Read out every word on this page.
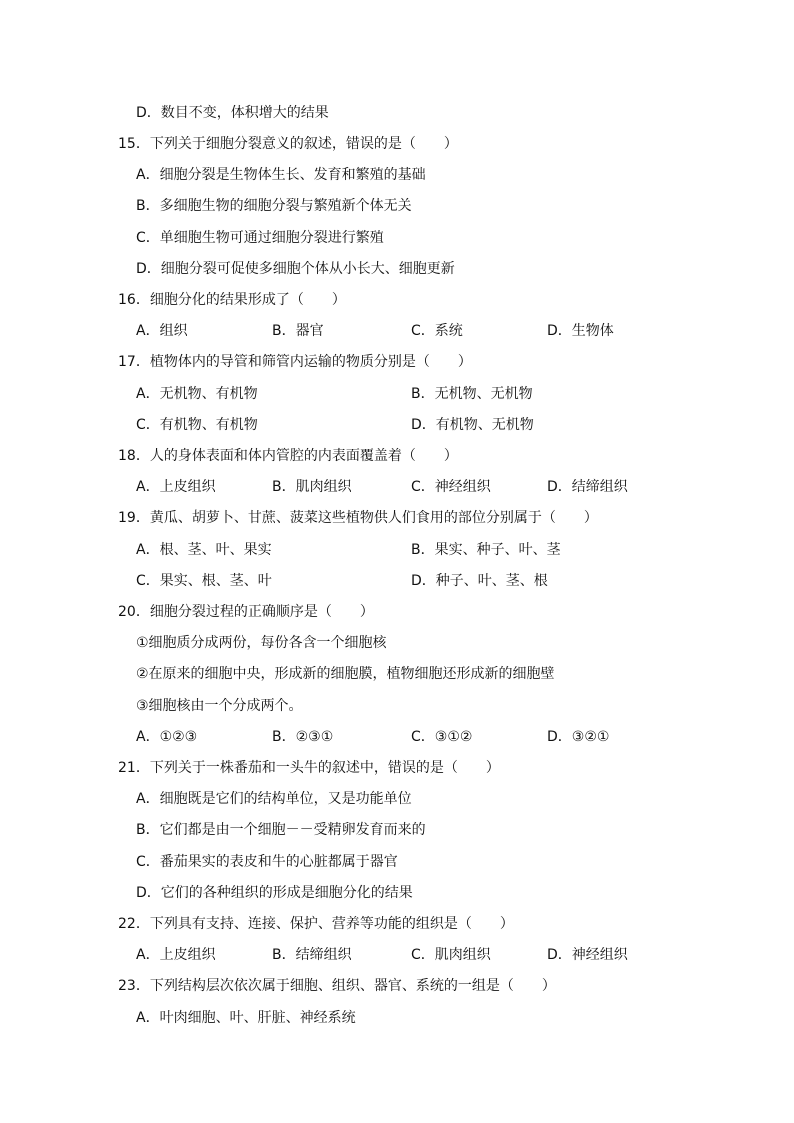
D．数目不变，体积增大的结果
15．下列关于细胞分裂意义的叙述，错误的是（　　）
A．细胞分裂是生物体生长、发育和繁殖的基础
B．多细胞生物的细胞分裂与繁殖新个体无关
C．单细胞生物可通过细胞分裂进行繁殖
D．细胞分裂可促使多细胞个体从小长大、细胞更新
16．细胞分化的结果形成了（　　）
A．组织	B．器官	C．系统	D．生物体
17．植物体内的导管和筛管内运输的物质分别是（　　）
A．无机物、有机物	B．无机物、无机物
C．有机物、有机物	D．有机物、无机物
18．人的身体表面和体内管腔的内表面覆盖着（　　）
A．上皮组织	B．肌肉组织	C．神经组织	D．结缔组织
19．黄瓜、胡萝卜、甘蔗、菠菜这些植物供人们食用的部位分别属于（　　）
A．根、茎、叶、果实	B．果实、种子、叶、茎
C．果实、根、茎、叶	D．种子、叶、茎、根
20．细胞分裂过程的正确顺序是（　　）
①细胞质分成两份，每份各含一个细胞核
②在原来的细胞中央，形成新的细胞膜，植物细胞还形成新的细胞壁
③细胞核由一个分成两个。
A．①②③	B．②③①	C．③①②	D．③②①
21．下列关于一株番茄和一头牛的叙述中，错误的是（　　）
A．细胞既是它们的结构单位，又是功能单位
B．它们都是由一个细胞－－受精卵发育而来的
C．番茄果实的表皮和牛的心脏都属于器官
D．它们的各种组织的形成是细胞分化的结果
22．下列具有支持、连接、保护、营养等功能的组织是（　　）
A．上皮组织	B．结缔组织	C．肌肉组织	D．神经组织
23．下列结构层次依次属于细胞、组织、器官、系统的一组是（　　）
A．叶肉细胞、叶、肝脏、神经系统
